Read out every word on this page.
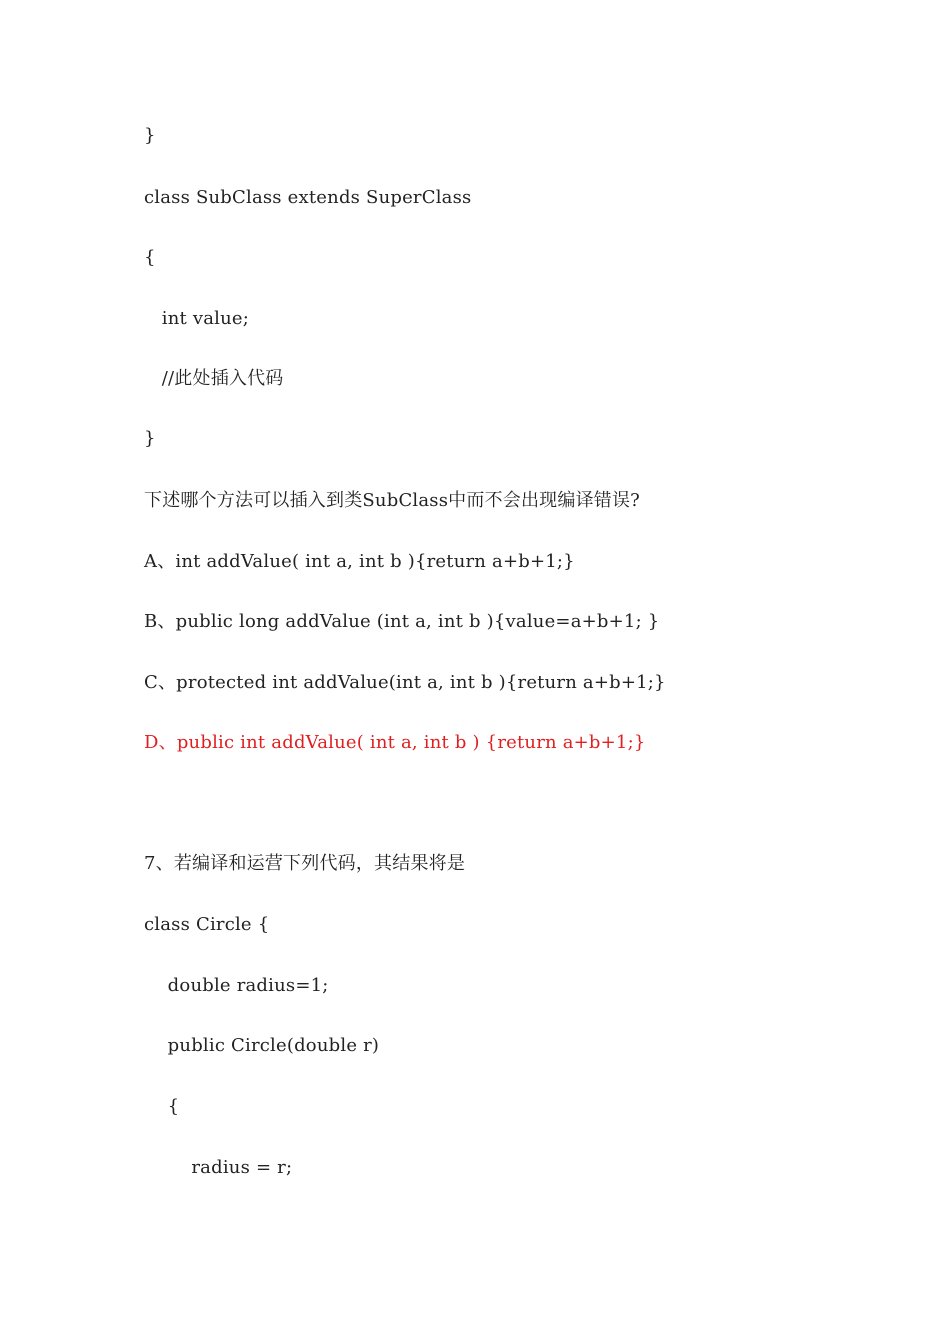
}
class SubClass extends SuperClass
{
int value;
//此处插入代码
}
下述哪个方法可以插入到类SubClass中而不会出现编译错误?
A、int addValue( int a, int b ){return a+b+1;}
B、public long addValue (int a, int b ){value=a+b+1; }
C、protected int addValue(int a, int b ){return a+b+1;}
D、public int addValue( int a, int b ) {return a+b+1;}
7、若编译和运营下列代码，其结果将是
class Circle {
double radius=1;
public Circle(double r)
{
radius = r;
